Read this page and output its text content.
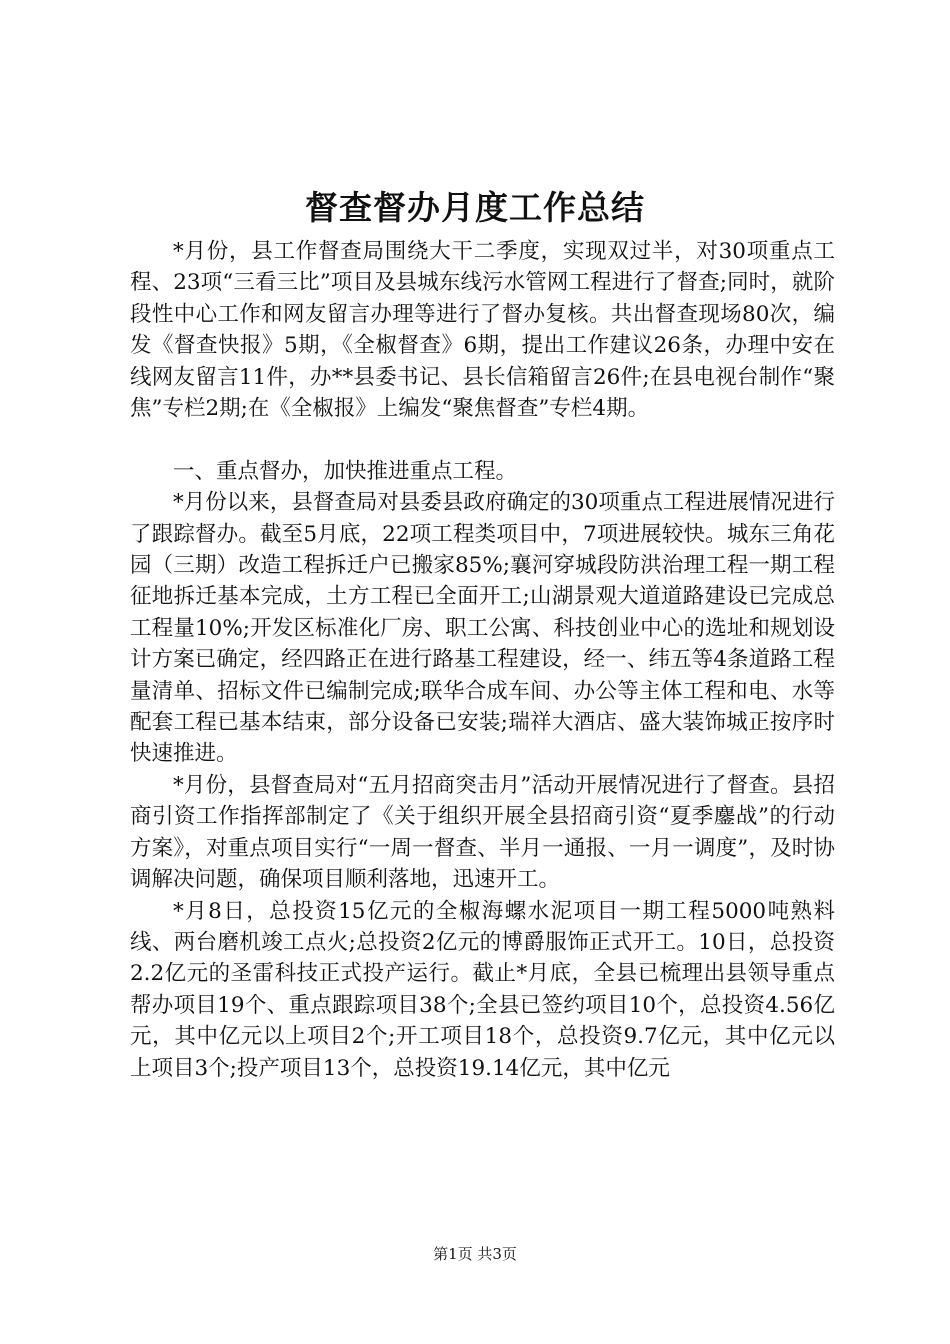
督查督办月度工作总结

*月份，县工作督查局围绕大干二季度，实现双过半，对30项重点工程、23项“三看三比”项目及县城东线污水管网工程进行了督查;同时，就阶段性中心工作和网友留言办理等进行了督办复核。共出督查现场80次，编发《督查快报》5期，《全椒督查》6期，提出工作建议26条，办理中安在线网友留言11件，办**县委书记、县长信箱留言26件;在县电视台制作“聚焦”专栏2期;在《全椒报》上编发“聚焦督查”专栏4期。

一、重点督办，加快推进重点工程。

*月份以来，县督查局对县委县政府确定的30项重点工程进展情况进行了跟踪督办。截至5月底，22项工程类项目中，7项进展较快。城东三角花园（三期）改造工程拆迁户已搬家85%;襄河穿城段防洪治理工程一期工程征地拆迁基本完成，土方工程已全面开工;山湖景观大道道路建设已完成总工程量10%;开发区标准化厂房、职工公寓、科技创业中心的选址和规划设计方案已确定，经四路正在进行路基工程建设，经一、纬五等4条道路工程量清单、招标文件已编制完成;联华合成车间、办公等主体工程和电、水等配套工程已基本结束，部分设备已安装;瑞祥大酒店、盛大装饰城正按序时快速推进。

*月份，县督查局对“五月招商突击月”活动开展情况进行了督查。县招商引资工作指挥部制定了《关于组织开展全县招商引资“夏季鏖战”的行动方案》，对重点项目实行“一周一督查、半月一通报、一月一调度”，及时协调解决问题，确保项目顺利落地，迅速开工。

*月8日，总投资15亿元的全椒海螺水泥项目一期工程5000吨熟料线、两台磨机竣工点火;总投资2亿元的博爵服饰正式开工。10日，总投资2.2亿元的圣雷科技正式投产运行。截止*月底，全县已梳理出县领导重点帮办项目19个、重点跟踪项目38个;全县已签约项目10个，总投资4.56亿元，其中亿元以上项目2个;开工项目18个，总投资9.7亿元，其中亿元以上项目3个;投产项目13个，总投资19.14亿元，其中亿元

第1页 共3页
